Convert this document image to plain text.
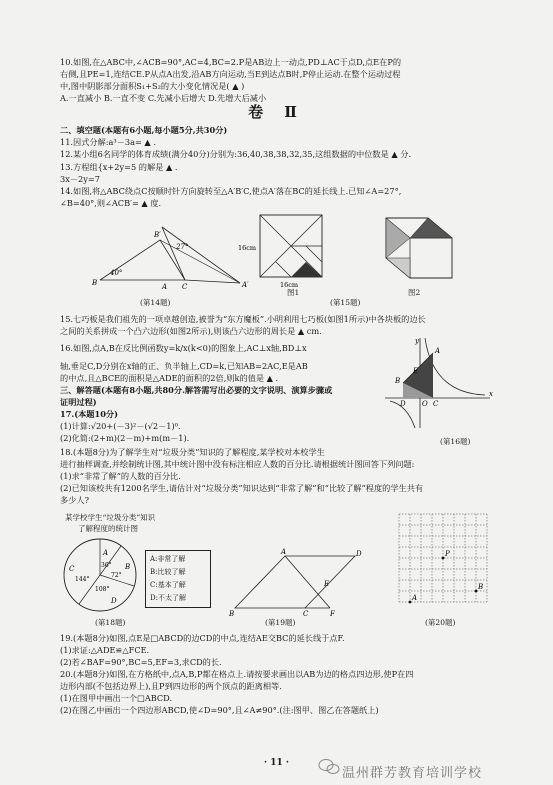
10.如图,在△ABC中,∠ACB=90°,AC=4,BC=2.P是AB边上一动点,PD⊥AC于点D,点E在P的
右侧,且PE=1,连结CE.P从点A出发,沿AB方向运动,当E到达点B时,P停止运动.在整个运动过程
中,图中阴影部分面积S₁+S₂的大小变化情况是( ▲ )
A.一直减小 B.一直不变 C.先减小后增大 D.先增大后减小
二、填空题(本题有6小题,每小题5分,共30分)
11.因式分解:a³－3a= ▲ .
12.某小组6名同学的体育成绩(满分40分)分别为:36,40,38,38,32,35,这组数据的中位数是 ▲ 分.
13.方程组{x+2y=5 的解是 ▲ .
3x－2y=7
14.如图,将△ABC绕点C按顺时针方向旋转至△A′B′C,使点A′落在BC的延长线上.已知∠A=27°,
∠B=40°,则∠ACB′= ▲ 度.
15.七巧板是我们祖先的一项卓越创造,被誉为“东方魔板”.小明利用七巧板(如图1所示)中各块板的边长
之间的关系拼成一个凸六边形(如图2所示),则该凸六边形的周长是 ▲ cm.
16.如图,点A,B在反比例函数y=k/x(k<0)的图象上,AC⊥x轴,BD⊥x
轴,垂足C,D分别在x轴的正、负半轴上,CD=k,已知AB=2AC,E是AB
的中点,且△BCE的面积是△ADE的面积的2倍,则k的值是 ▲ .
三、解答题(本题有8小题,共80分.解答需写出必要的文字说明、演算步骤或
证明过程)
17.(本题10分)
(1)计算:√20+(－3)²－(√2－1)⁰.
(2)化简:(2+m)(2－m)+m(m－1).
18.(本题8分)为了解学生对“垃圾分类”知识的了解程度,某学校对本校学生
进行抽样调查,并绘制统计图,其中统计图中没有标注相应人数的百分比.请根据统计图回答下列问题:
(1)求“非常了解”的人数的百分比.
(2)已知该校共有1200名学生,请估计对“垃圾分类”知识达到“非常了解”和“比较了解”程度的学生共有
多少人?
19.(本题8分)如图,点E是□ABCD的边CD的中点,连结AE交BC的延长线于点F.
(1)求证:△ADE≌△FCE.
(2)若∠BAF=90°,BC=5,EF=3,求CD的长.
20.(本题8分)如图,在方格纸中,点A,B,P都在格点上.请按要求画出以AB为边的格点四边形,使P在四
边形内部(不包括边界上),且P到四边形的两个顶点的距离相等.
(1)在图甲中画出一个□ABCD.
(2)在图乙中画出一个四边形ABCD,使∠D=90°,且∠A≠90°.(注:图甲、图乙在答题纸上)
卷 Ⅱ
B′
27°
40°
B	C
A	A′
(第14题)
16cm
16cm
(第15题)
图1	图2
y
x
O
A
B
C
D
E
(第16题)
某学校学生“垃圾分类”知识
了解程度的统计图
A
B
C
D
36°
72°
144°
108°
A:非常了解
B:比较了解
C:基本了解
D:不太了解
(第18题)
A	D
E
B	C	F
(第19题)
A
B
P
(第20题)
· 11 ·
温州群芳教育培训学校
